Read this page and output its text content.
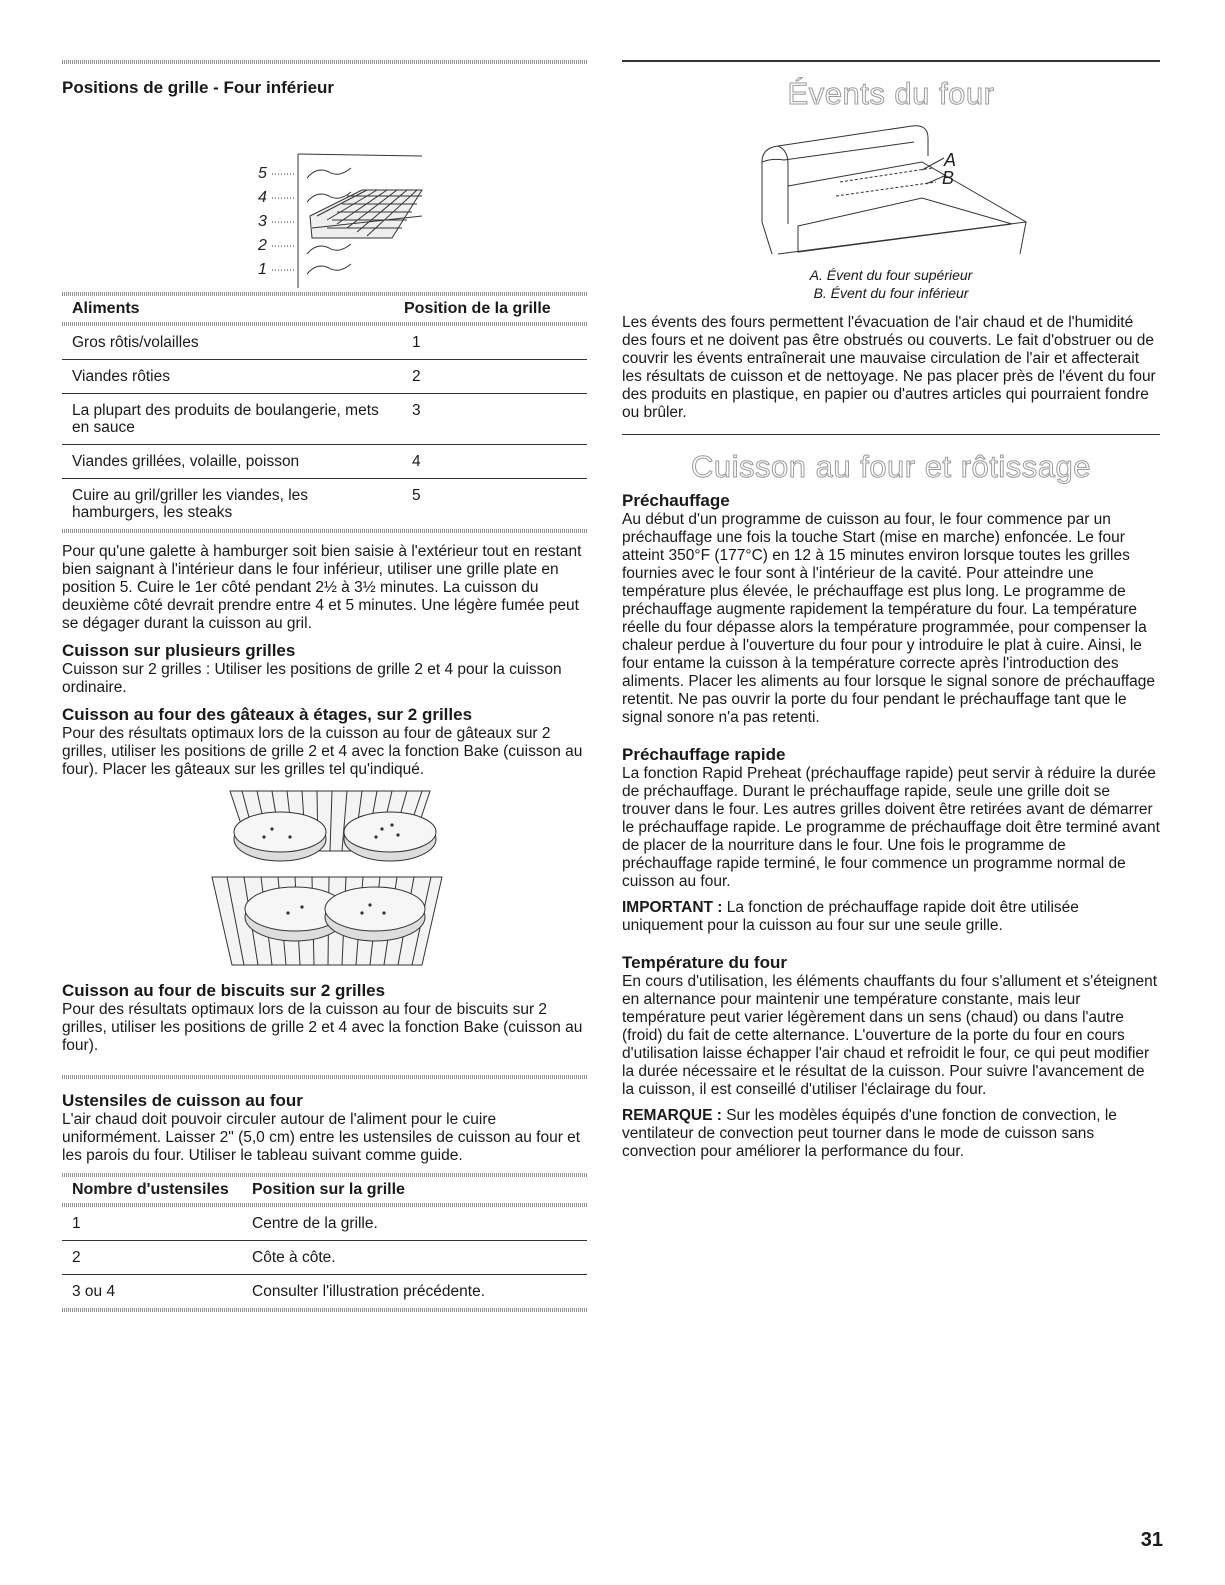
Positions de grille - Four inférieur
5
4
3
2
1
Aliments	Position de la grille

Gros rôtis/volailles	1
Viandes rôties	2
La plupart des produits de boulangerie, mets en sauce	3
Viandes grillées, volaille, poisson	4
Cuire au gril/griller les viandes, les hamburgers, les steaks	5

Pour qu'une galette à hamburger soit bien saisie à l'extérieur tout en restant bien saignant à l'intérieur dans le four inférieur, utiliser une grille plate en position 5. Cuire le 1er côté pendant 2½ à 3½ minutes. La cuisson du deuxième côté devrait prendre entre 4 et 5 minutes. Une légère fumée peut se dégager durant la cuisson au gril.

Cuisson sur plusieurs grilles

Cuisson sur 2 grilles : Utiliser les positions de grille 2 et 4 pour la cuisson ordinaire.

Cuisson au four des gâteaux à étages, sur 2 grilles

Pour des résultats optimaux lors de la cuisson au four de gâteaux sur 2 grilles, utiliser les positions de grille 2 et 4 avec la fonction Bake (cuisson au four). Placer les gâteaux sur les grilles tel qu'indiqué.

Cuisson au four de biscuits sur 2 grilles

Pour des résultats optimaux lors de la cuisson au four de biscuits sur 2 grilles, utiliser les positions de grille 2 et 4 avec la fonction Bake (cuisson au four).

Ustensiles de cuisson au four

L'air chaud doit pouvoir circuler autour de l'aliment pour le cuire uniformément. Laisser 2" (5,0 cm) entre les ustensiles de cuisson au four et les parois du four. Utiliser le tableau suivant comme guide.

Nombre d'ustensiles	Position sur la grille

1	Centre de la grille.
2	Côte à côte.
3 ou 4	Consulter l'illustration précédente.
Évents du four
A
B
A. Évent du four supérieur
B. Évent du four inférieur

Les évents des fours permettent l'évacuation de l'air chaud et de l'humidité des fours et ne doivent pas être obstrués ou couverts. Le fait d'obstruer ou de couvrir les évents entraînerait une mauvaise circulation de l'air et affecterait les résultats de cuisson et de nettoyage. Ne pas placer près de l'évent du four des produits en plastique, en papier ou d'autres articles qui pourraient fondre ou brûler.

Cuisson au four et rôtissage
Préchauffage

Au début d'un programme de cuisson au four, le four commence par un préchauffage une fois la touche Start (mise en marche) enfoncée. Le four atteint 350°F (177°C) en 12 à 15 minutes environ lorsque toutes les grilles fournies avec le four sont à l'intérieur de la cavité. Pour atteindre une température plus élevée, le préchauffage est plus long. Le programme de préchauffage augmente rapidement la température du four. La température réelle du four dépasse alors la température programmée, pour compenser la chaleur perdue à l'ouverture du four pour y introduire le plat à cuire. Ainsi, le four entame la cuisson à la température correcte après l'introduction des aliments. Placer les aliments au four lorsque le signal sonore de préchauffage retentit. Ne pas ouvrir la porte du four pendant le préchauffage tant que le signal sonore n'a pas retenti.

Préchauffage rapide

La fonction Rapid Preheat (préchauffage rapide) peut servir à réduire la durée de préchauffage. Durant le préchauffage rapide, seule une grille doit se trouver dans le four. Les autres grilles doivent être retirées avant de démarrer le préchauffage rapide. Le programme de préchauffage doit être terminé avant de placer de la nourriture dans le four. Une fois le programme de préchauffage rapide terminé, le four commence un programme normal de cuisson au four.

IMPORTANT : La fonction de préchauffage rapide doit être utilisée uniquement pour la cuisson au four sur une seule grille.

Température du four

En cours d'utilisation, les éléments chauffants du four s'allument et s'éteignent en alternance pour maintenir une température constante, mais leur température peut varier légèrement dans un sens (chaud) ou dans l'autre (froid) du fait de cette alternance. L'ouverture de la porte du four en cours d'utilisation laisse échapper l'air chaud et refroidit le four, ce qui peut modifier la durée nécessaire et le résultat de la cuisson. Pour suivre l'avancement de la cuisson, il est conseillé d'utiliser l'éclairage du four.

REMARQUE : Sur les modèles équipés d'une fonction de convection, le ventilateur de convection peut tourner dans le mode de cuisson sans convection pour améliorer la performance du four.

31
